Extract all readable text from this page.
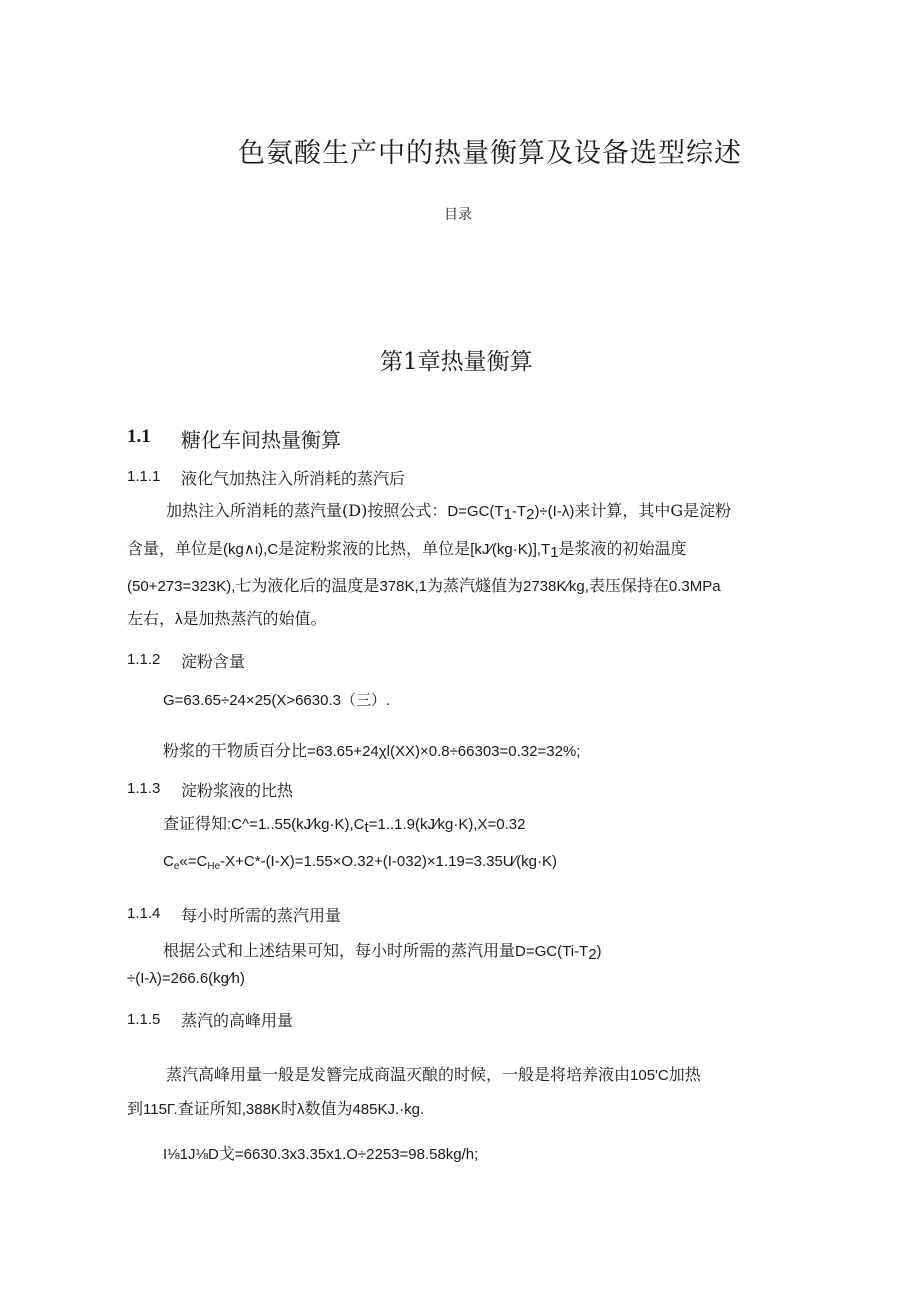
色氨酸生产中的热量衡算及设备选型综述
目录
第1章热量衡算
1.1 糖化车间热量衡算
1.1.1 液化气加热注入所消耗的蒸汽后
加热注入所消耗的蒸汽量(D)按照公式：$D=GC(T_1-T_2)\div(I-\lambda)$来计算，其中G是淀粉
含量，单位是(kg∧ι),C是淀粉浆液的比热，单位是$[kJ∕(kg\cdot K)],T_1$是浆液的初始温度
(50+273=323K),七为液化后的温度是378K,1为蒸汽燧值为2738K∕kg,表压保持在0.3MPa
左右，λ是加热蒸汽的始值。
1.1.2 淀粉含量
G=63.65÷24×25(X>6630.3（三）.
粉浆的干物质百分比=63.65+24χl(XX)×0.8÷66303=0.32=32%;
1.1.3 淀粉浆液的比热
查证得知$:C\^{}=1..55(kJ∕kg\cdot K),C_t=1..1.9(kJ∕kg\cdot K),X=0.32$
$C_e«=C_{He}-X+C*-(I-X)=1.55\times O.32+(I-032)\times 1.19=3.35U∕(kg\cdot K)$
1.1.4 每小时所需的蒸汽用量
根据公式和上述结果可知，每小时所需的蒸汽用量$D=GC(Ti-T_2)$
÷(I-λ)=266.6(kg∕h)
1.1.5 蒸汽的高峰用量
蒸汽高峰用量一般是发簪完成商温灭酿的时候，一般是将培养液由105'C加热
到115Γ.查证所知,388K时λ数值为485KJ.·kg.
I⅛1J⅛D戈=6630.3x3.35x1.O÷2253=98.58kg/h;
